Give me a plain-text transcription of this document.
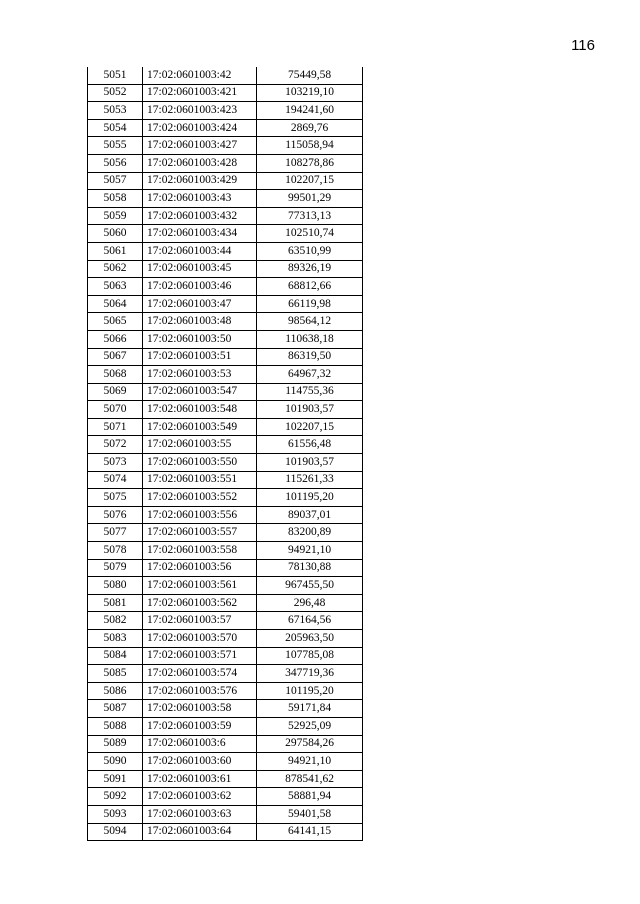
116
5051	17:02:0601003:42	75449,58
5052	17:02:0601003:421	103219,10
5053	17:02:0601003:423	194241,60
5054	17:02:0601003:424	2869,76
5055	17:02:0601003:427	115058,94
5056	17:02:0601003:428	108278,86
5057	17:02:0601003:429	102207,15
5058	17:02:0601003:43	99501,29
5059	17:02:0601003:432	77313,13
5060	17:02:0601003:434	102510,74
5061	17:02:0601003:44	63510,99
5062	17:02:0601003:45	89326,19
5063	17:02:0601003:46	68812,66
5064	17:02:0601003:47	66119,98
5065	17:02:0601003:48	98564,12
5066	17:02:0601003:50	110638,18
5067	17:02:0601003:51	86319,50
5068	17:02:0601003:53	64967,32
5069	17:02:0601003:547	114755,36
5070	17:02:0601003:548	101903,57
5071	17:02:0601003:549	102207,15
5072	17:02:0601003:55	61556,48
5073	17:02:0601003:550	101903,57
5074	17:02:0601003:551	115261,33
5075	17:02:0601003:552	101195,20
5076	17:02:0601003:556	89037,01
5077	17:02:0601003:557	83200,89
5078	17:02:0601003:558	94921,10
5079	17:02:0601003:56	78130,88
5080	17:02:0601003:561	967455,50
5081	17:02:0601003:562	296,48
5082	17:02:0601003:57	67164,56
5083	17:02:0601003:570	205963,50
5084	17:02:0601003:571	107785,08
5085	17:02:0601003:574	347719,36
5086	17:02:0601003:576	101195,20
5087	17:02:0601003:58	59171,84
5088	17:02:0601003:59	52925,09
5089	17:02:0601003:6	297584,26
5090	17:02:0601003:60	94921,10
5091	17:02:0601003:61	878541,62
5092	17:02:0601003:62	58881,94
5093	17:02:0601003:63	59401,58
5094	17:02:0601003:64	64141,15
